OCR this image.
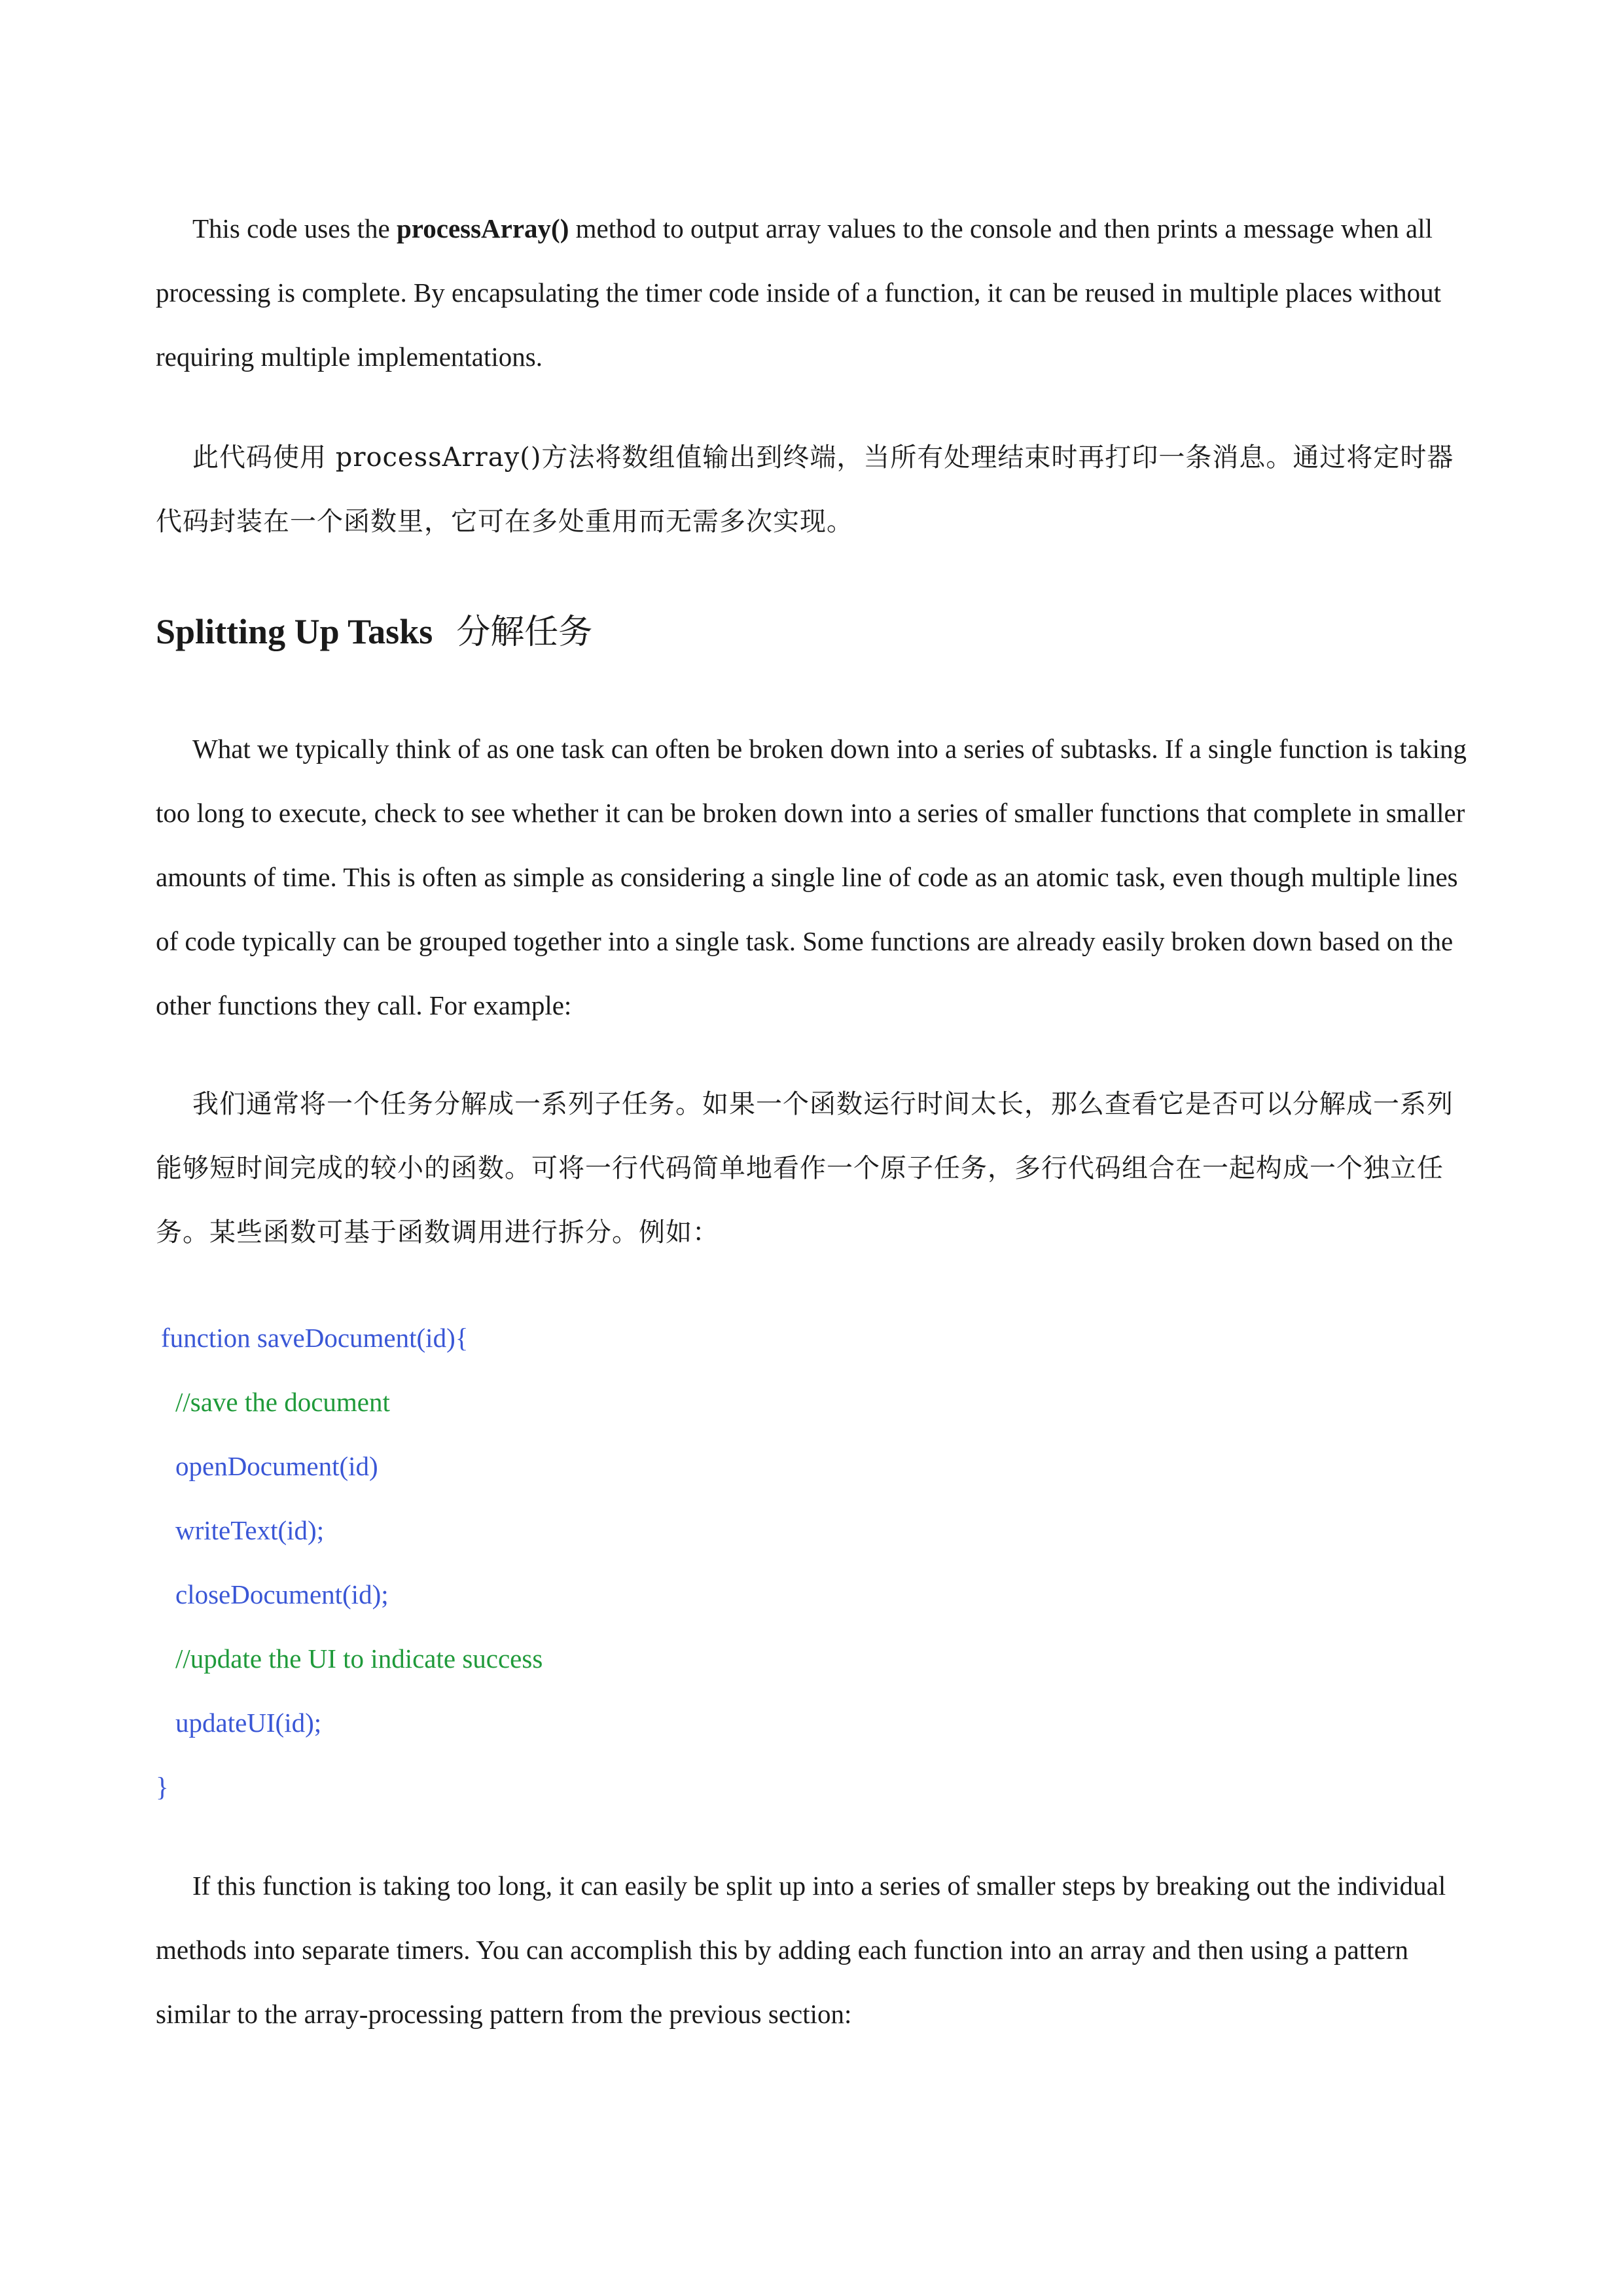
This code uses the processArray() method to output array values to the console and then prints a message when all processing is complete. By encapsulating the timer code inside of a function, it can be reused in multiple places without requiring multiple implementations.

此代码使用 processArray()方法将数组值输出到终端，当所有处理结束时再打印一条消息。通过将定时器代码封装在一个函数里，它可在多处重用而无需多次实现。

Splitting Up Tasks 分解任务

What we typically think of as one task can often be broken down into a series of subtasks. If a single function is taking too long to execute, check to see whether it can be broken down into a series of smaller functions that complete in smaller amounts of time. This is often as simple as considering a single line of code as an atomic task, even though multiple lines of code typically can be grouped together into a single task. Some functions are already easily broken down based on the other functions they call. For example:

我们通常将一个任务分解成一系列子任务。如果一个函数运行时间太长，那么查看它是否可以分解成一系列能够短时间完成的较小的函数。可将一行代码简单地看作一个原子任务，多行代码组合在一起构成一个独立任务。某些函数可基于函数调用进行拆分。例如：

function saveDocument(id){
//save the document
openDocument(id)
writeText(id);
closeDocument(id);
//update the UI to indicate success
updateUI(id);
}

If this function is taking too long, it can easily be split up into a series of smaller steps by breaking out the individual methods into separate timers. You can accomplish this by adding each function into an array and then using a pattern similar to the array-processing pattern from the previous section:
